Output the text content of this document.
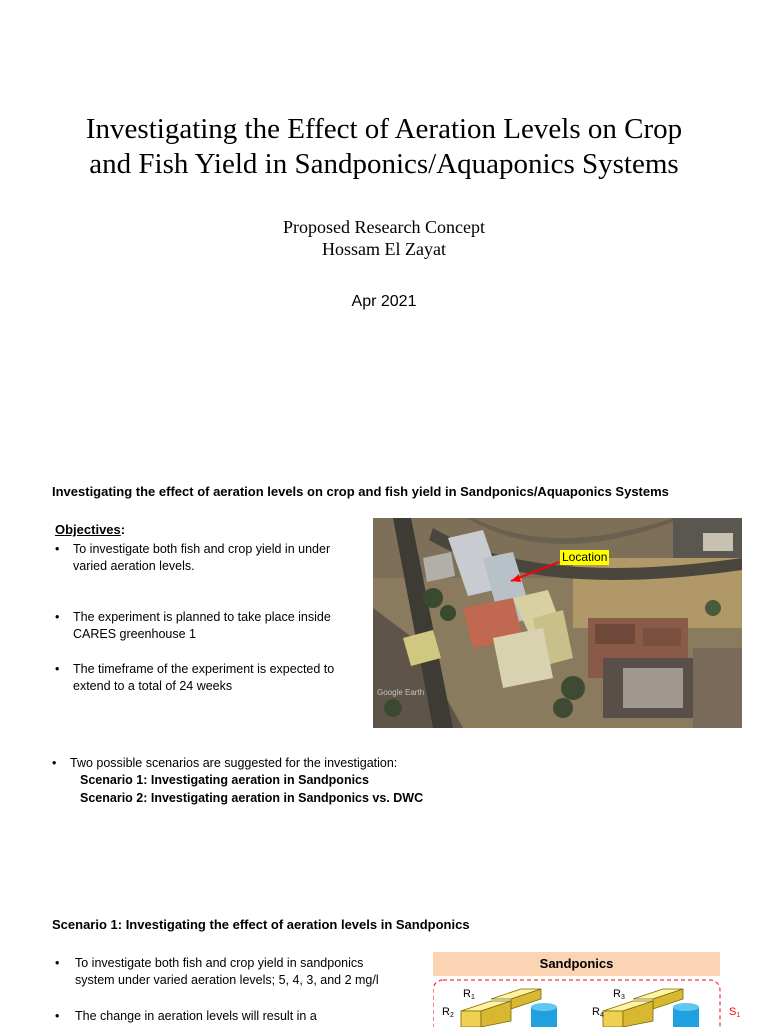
Investigating the Effect of Aeration Levels on Crop
and Fish Yield in Sandponics/Aquaponics Systems
Proposed Research Concept
Hossam El Zayat
Apr 2021
Investigating the effect of aeration levels on crop and fish yield in Sandponics/Aquaponics Systems
Objectives:
• To investigate both fish and crop yield in under
varied aeration levels.
• The experiment is planned to take place inside
CARES greenhouse 1
• The timeframe of the experiment is expected to
extend to a total of 24 weeks
Location
Google Earth
• Two possible scenarios are suggested for the investigation:
Scenario 1: Investigating aeration in Sandponics
Scenario 2: Investigating aeration in Sandponics vs. DWC
Scenario 1: Investigating the effect of aeration levels in Sandponics
• To investigate both fish and crop yield in sandponics
system under varied aeration levels; 5, 4, 3, and 2 mg/l
• The change in aeration levels will result in a
Sandponics
R1
R2
R3
R4	S1
